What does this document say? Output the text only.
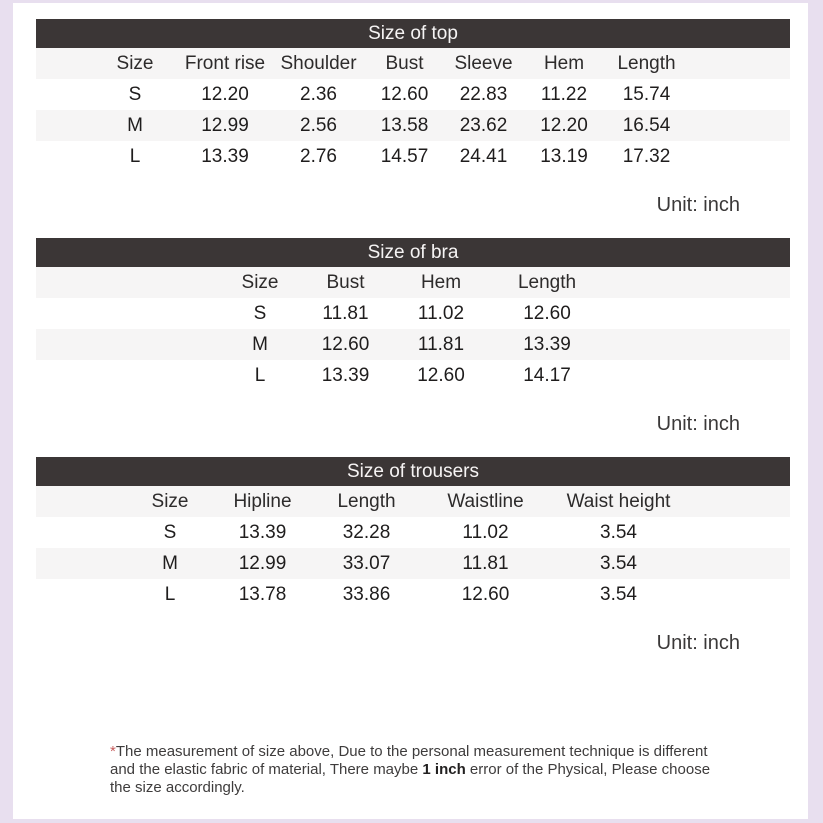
Size of top
	Size	Front rise	Shoulder	Bust	Sleeve	Hem	Length	
	S	12.20	2.36	12.60	22.83	11.22	15.74	
	M	12.99	2.56	13.58	23.62	12.20	16.54	
	L	13.39	2.76	14.57	24.41	13.19	17.32	
Unit: inch
Size of bra
	Size	Bust	Hem	Length	
	S	11.81	11.02	12.60	
	M	12.60	11.81	13.39	
	L	13.39	12.60	14.17	
Unit: inch
Size of trousers
	Size	Hipline	Length	Waistline	Waist height	
	S	13.39	32.28	11.02	3.54	
	M	12.99	33.07	11.81	3.54	
	L	13.78	33.86	12.60	3.54	
Unit: inch

*The measurement of size above, Due to the personal measurement technique is different
and the elastic fabric of material, There maybe 1 inch error of the Physical, Please choose
the size accordingly.
